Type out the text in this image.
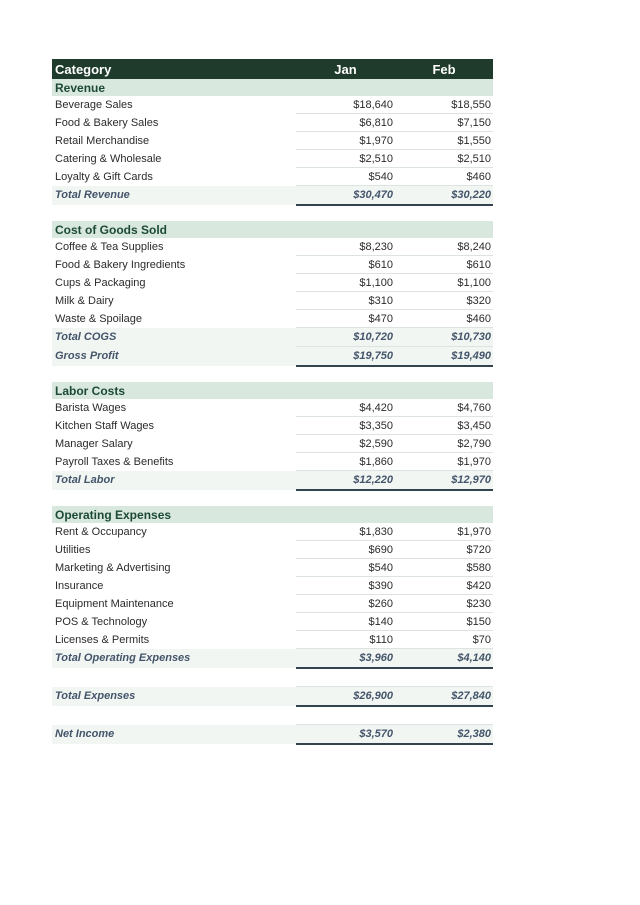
Category	Jan	Feb
Revenue		
Beverage Sales	$18,640	$18,550
Food & Bakery Sales	$6,810	$7,150
Retail Merchandise	$1,970	$1,550
Catering & Wholesale	$2,510	$2,510
Loyalty & Gift Cards	$540	$460
Total Revenue	$30,470	$30,220

Cost of Goods Sold		
Coffee & Tea Supplies	$8,230	$8,240
Food & Bakery Ingredients	$610	$610
Cups & Packaging	$1,100	$1,100
Milk & Dairy	$310	$320
Waste & Spoilage	$470	$460
Total COGS	$10,720	$10,730
Gross Profit	$19,750	$19,490

Labor Costs		
Barista Wages	$4,420	$4,760
Kitchen Staff Wages	$3,350	$3,450
Manager Salary	$2,590	$2,790
Payroll Taxes & Benefits	$1,860	$1,970
Total Labor	$12,220	$12,970

Operating Expenses		
Rent & Occupancy	$1,830	$1,970
Utilities	$690	$720
Marketing & Advertising	$540	$580
Insurance	$390	$420
Equipment Maintenance	$260	$230
POS & Technology	$140	$150
Licenses & Permits	$110	$70
Total Operating Expenses	$3,960	$4,140

Total Expenses	$26,900	$27,840

Net Income	$3,570	$2,380
